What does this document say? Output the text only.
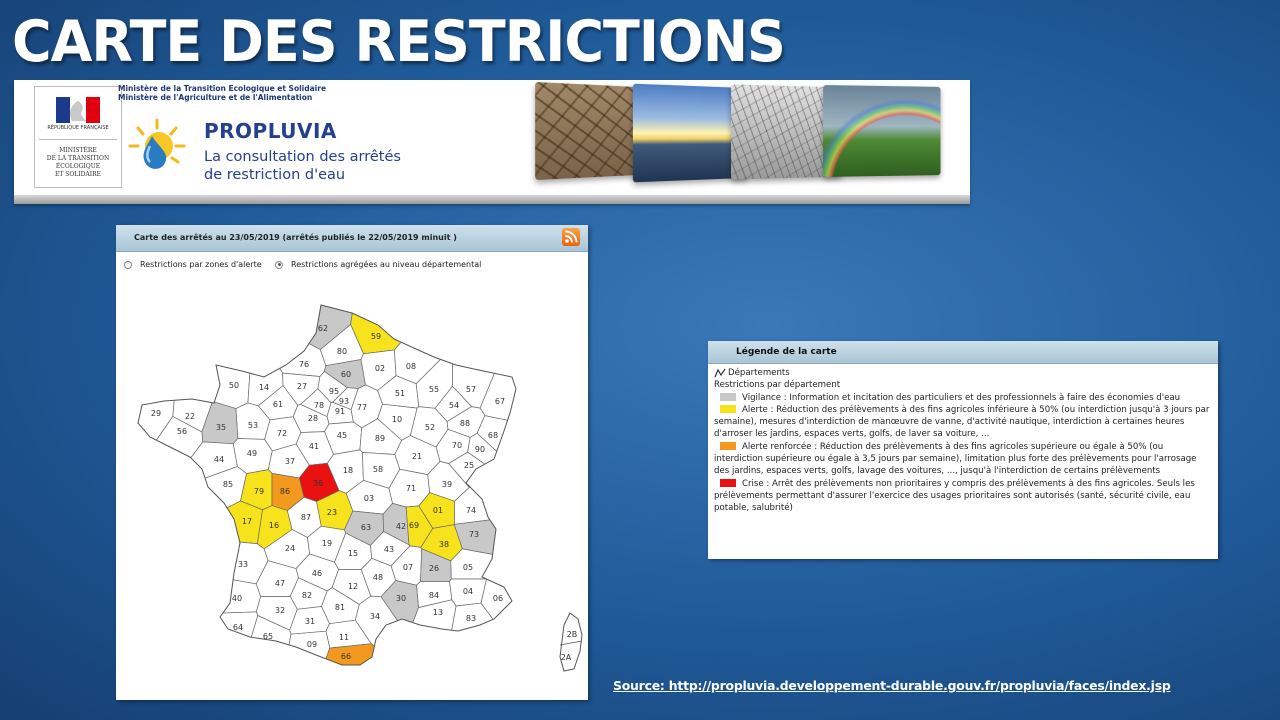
CARTE DES RESTRICTIONS
RÉPUBLIQUE FRANÇAISE
MINISTÈRE
DE LA TRANSITION
ÉCOLOGIQUE
ET SOLIDAIRE
Ministère de la Transition Ecologique et Solidaire
Ministère de l'Agriculture et de l'Alimentation
PROPLUVIA
La consultation des arrêtés
de restriction d'eau
Carte des arrêtés au 23/05/2019 (arrêtés publiés le 22/05/2019 minuit )
Restrictions par zones d'alerte	Restrictions agrégées au niveau départemental
62
59
80
76
60
02	08
50 14	27
95	51	55	57
67
61	78 93
91 77	54
29	22	28	10
52	88
53
35
56	72	45	89	68
41	70 90
21
44
49
37
18 58	25
85
79 86
36
71	39
03
17 16
23
87
01	74
63	42 69
73
19
24	38
15	43
33	07 26	05
46	48
47	12
84	04
06
40	82	30
81
32	13
83
34
31
64
65	11
09
66
2B
2A
Légende de la carte
Départements
Restrictions par département
Vigilance : Information et incitation des particuliers et des professionnels à faire des économies d'eau
Alerte : Réduction des prélèvements à des fins agricoles inférieure à 50% (ou interdiction jusqu'à 3 jours par semaine), mesures d'interdiction de manœuvre de vanne, d'activité nautique, interdiction à certaines heures d'arroser les jardins, espaces verts, golfs, de laver sa voiture, ...
Alerte renforcée : Réduction des prélèvements à des fins agricoles supérieure ou égale à 50% (ou interdiction supérieure ou égale à 3,5 jours par semaine), limitation plus forte des prélèvements pour l'arrosage des jardins, espaces verts, golfs, lavage des voitures, ..., jusqu'à l'interdiction de certains prélèvements
Crise : Arrêt des prélèvements non prioritaires y compris des prélèvements à des fins agricoles. Seuls les prélèvements permettant d'assurer l'exercice des usages prioritaires sont autorisés (santé, sécurité civile, eau potable, salubrité)
Source: http://propluvia.developpement-durable.gouv.fr/propluvia/faces/index.jsp
